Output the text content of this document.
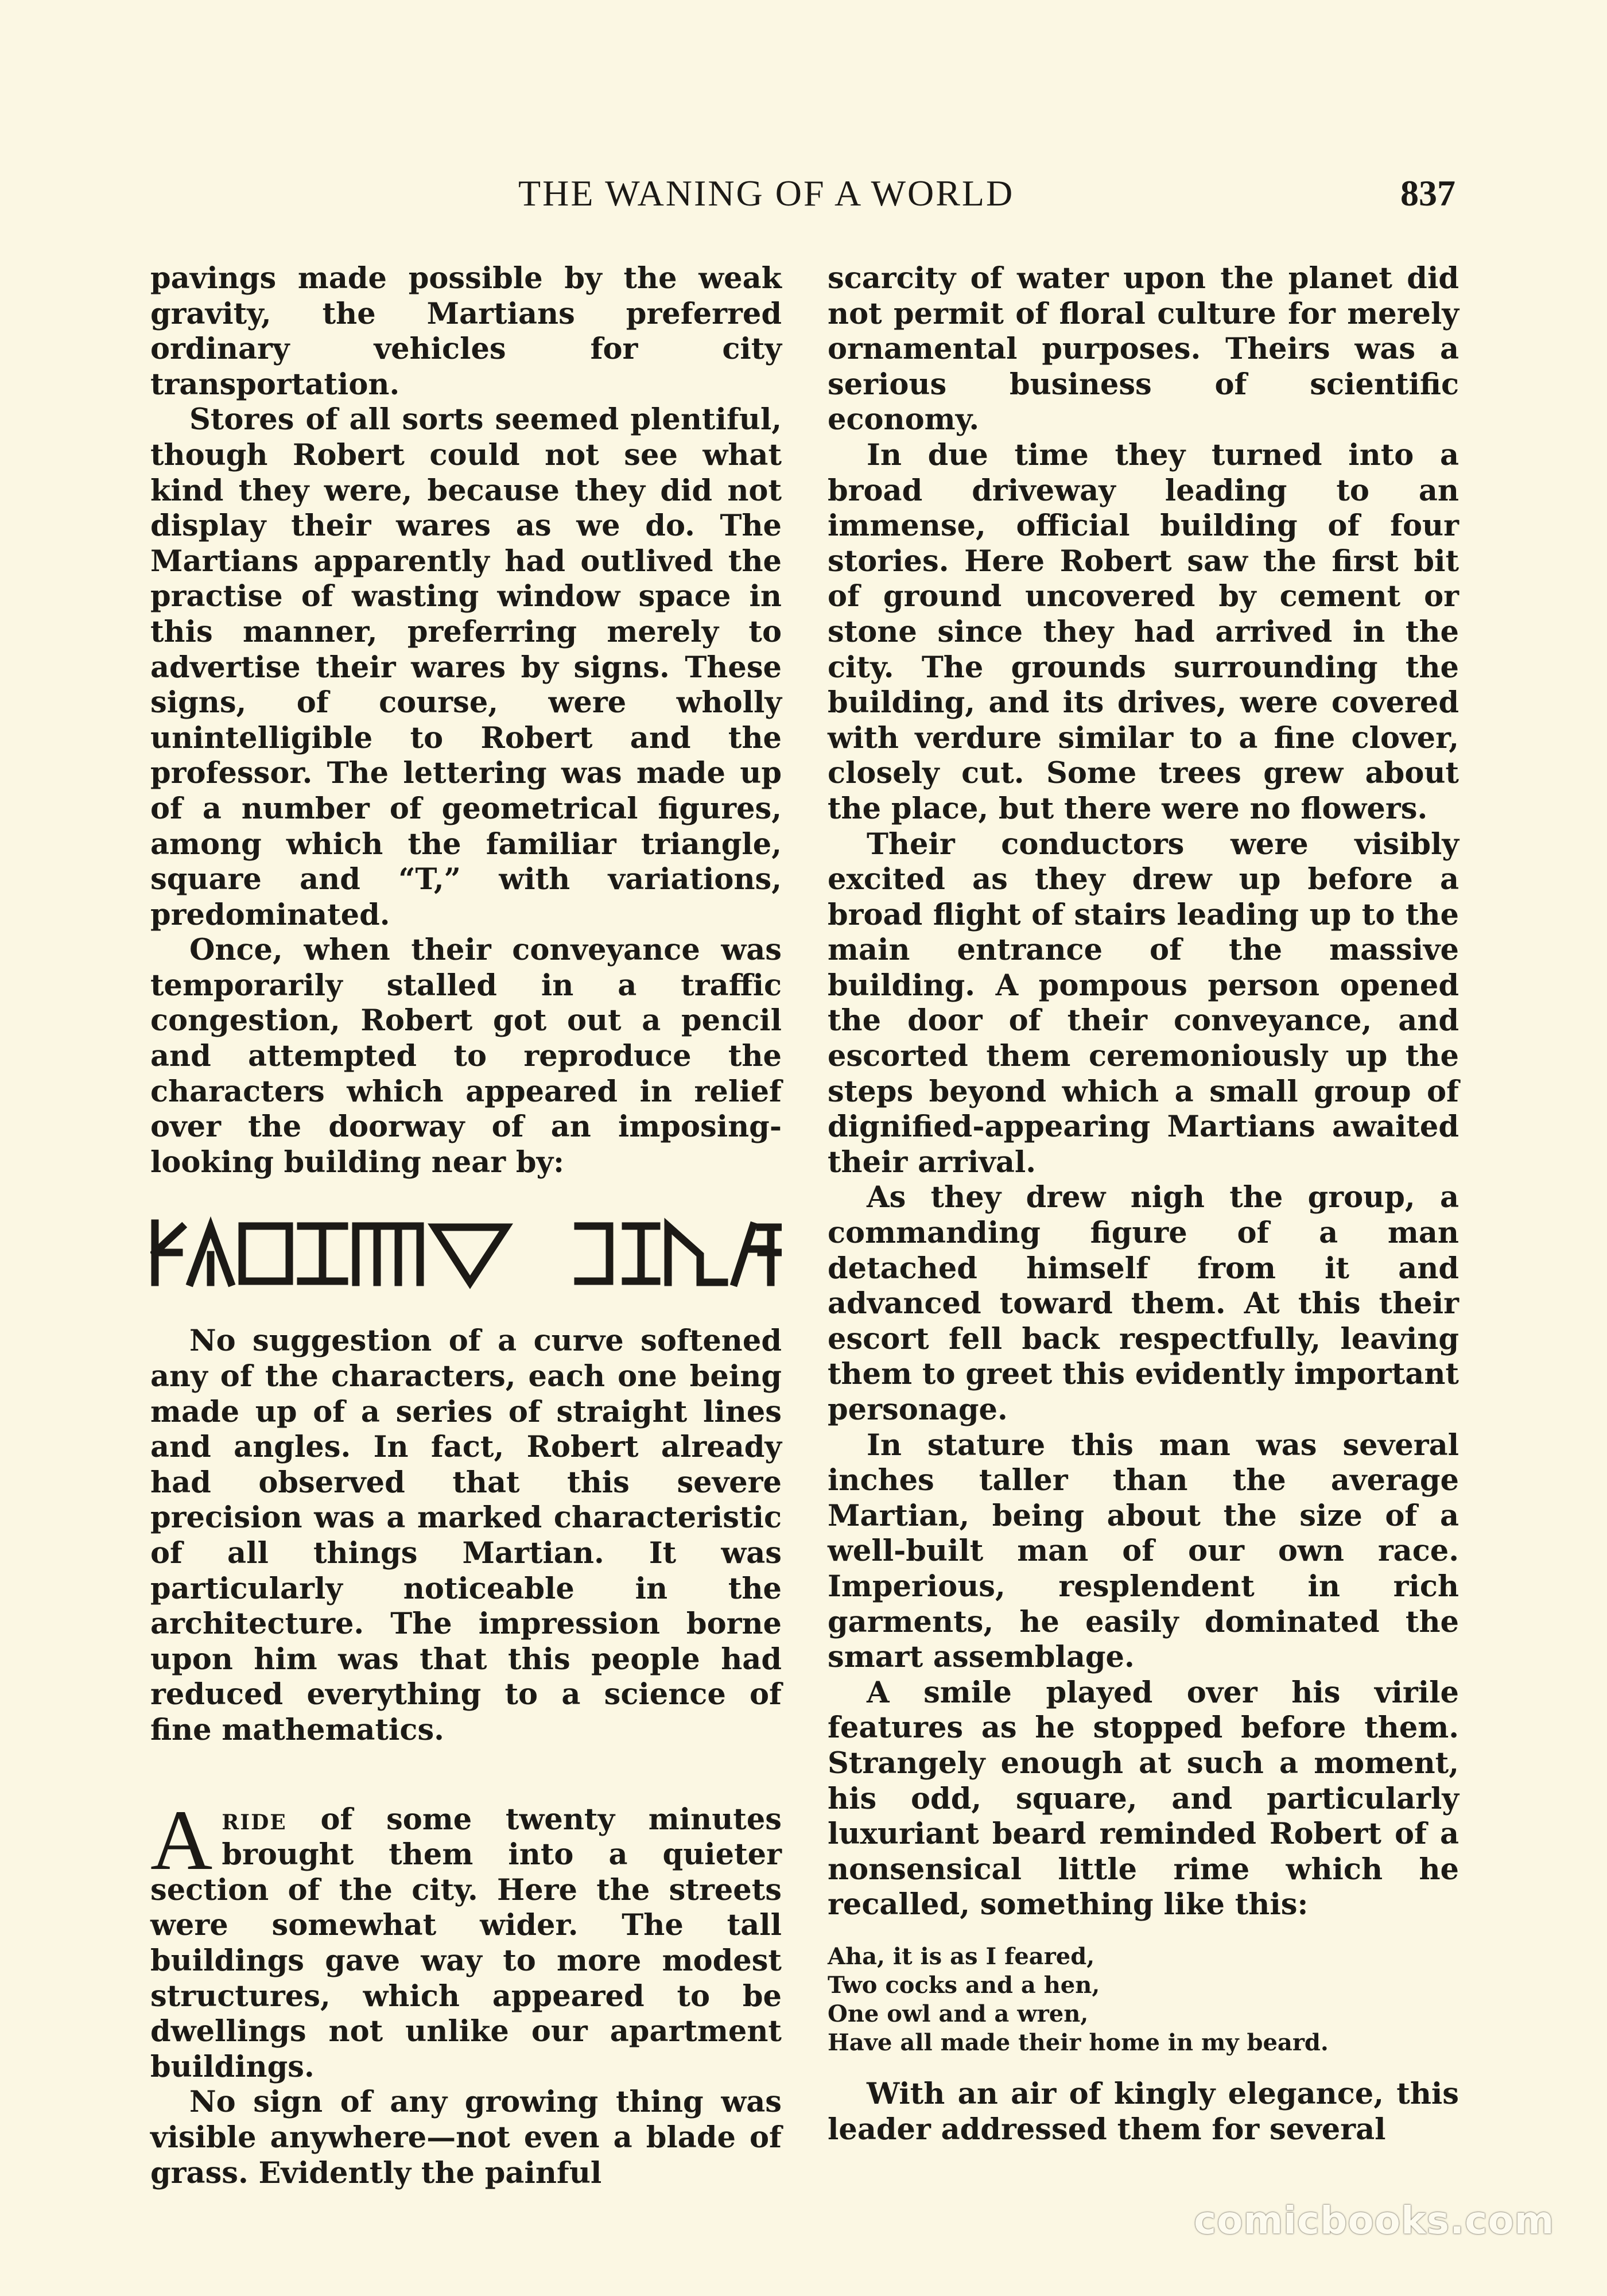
THE WANING OF A WORLD	837

pavings made possible by the weak gravity, the Martians preferred ordinary vehicles for city transportation.

Stores of all sorts seemed plentiful, though Robert could not see what kind they were, because they did not display their wares as we do. The Martians apparently had outlived the practise of wasting window space in this manner, preferring merely to advertise their wares by signs. These signs, of course, were wholly unintelligible to Robert and the professor. The lettering was made up of a number of geometrical figures, among which the familiar triangle, square and “T,” with variations, predominated.

Once, when their conveyance was temporarily stalled in a traffic congestion, Robert got out a pencil and attempted to reproduce the characters which appeared in relief over the doorway of an imposing-looking building near by:

No suggestion of a curve softened any of the characters, each one being made up of a series of straight lines and angles. In fact, Robert already had observed that this severe precision was a marked characteristic of all things Martian. It was particularly noticeable in the architecture. The impression borne upon him was that this people had reduced everything to a science of fine mathematics.

Aride of some twenty minutes brought them into a quieter section of the city. Here the streets were somewhat wider. The tall buildings gave way to more modest structures, which appeared to be dwellings not unlike our apartment buildings.

No sign of any growing thing was visible anywhere—not even a blade of grass. Evidently the painful

scarcity of water upon the planet did not permit of floral culture for merely ornamental purposes. Theirs was a serious business of scientific economy.

In due time they turned into a broad driveway leading to an immense, official building of four stories. Here Robert saw the first bit of ground uncovered by cement or stone since they had arrived in the city. The grounds surrounding the building, and its drives, were covered with verdure similar to a fine clover, closely cut. Some trees grew about the place, but there were no flowers.

Their conductors were visibly excited as they drew up before a broad flight of stairs leading up to the main entrance of the massive building. A pompous person opened the door of their conveyance, and escorted them ceremoniously up the steps beyond which a small group of dignified-appearing Martians awaited their arrival.

As they drew nigh the group, a commanding figure of a man detached himself from it and advanced toward them. At this their escort fell back respectfully, leaving them to greet this evidently important personage.

In stature this man was several inches taller than the average Martian, being about the size of a well-built man of our own race. Imperious, resplendent in rich garments, he easily dominated the smart assemblage.

A smile played over his virile features as he stopped before them. Strangely enough at such a moment, his odd, square, and particularly luxuriant beard reminded Robert of a nonsensical little rime which he recalled, something like this:

Aha, it is as I feared,
Two cocks and a hen,
One owl and a wren,
Have all made their home in my beard.

With an air of kingly elegance, this leader addressed them for several

comicbooks.com
